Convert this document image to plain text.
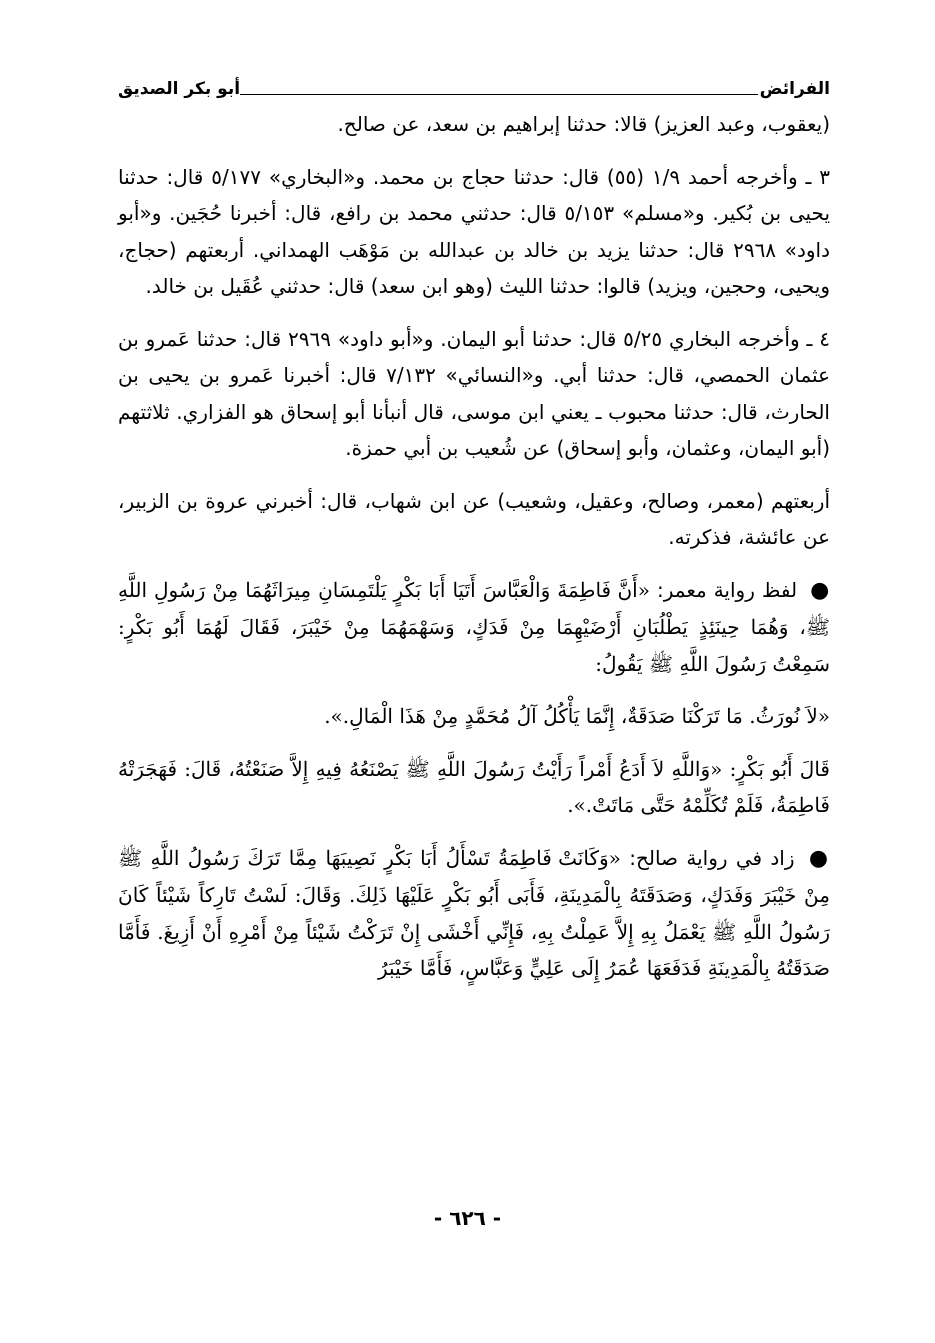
الفرائض
أبو بكر الصديق

(يعقوب، وعبد العزيز) قالا: حدثنا إبراهيم بن سعد، عن صالح.

٣ ـ وأخرجه أحمد ١/٩ (٥٥) قال: حدثنا حجاج بن محمد. و«البخاري» ٥/١٧٧ قال: حدثنا يحيى بن بُكير. و«مسلم» ٥/١٥٣ قال: حدثني محمد بن رافع، قال: أخبرنا حُجَين. و«أبو داود» ٢٩٦٨ قال: حدثنا يزيد بن خالد بن عبدالله بن مَوْهَب الهمداني. أربعتهم (حجاج، ويحيى، وحجين، ويزيد) قالوا: حدثنا الليث (وهو ابن سعد) قال: حدثني عُقَيل بن خالد.

٤ ـ وأخرجه البخاري ٥/٢٥ قال: حدثنا أبو اليمان. و«أبو داود» ٢٩٦٩ قال: حدثنا عَمرو بن عثمان الحمصي، قال: حدثنا أبي. و«النسائي» ٧/١٣٢ قال: أخبرنا عَمرو بن يحيى بن الحارث، قال: حدثنا محبوب ـ يعني ابن موسى، قال أنبأنا أبو إسحاق هو الفزاري. ثلاثتهم (أبو اليمان، وعثمان، وأبو إسحاق) عن شُعيب بن أبي حمزة.

أربعتهم (معمر، وصالح، وعقيل، وشعيب) عن ابن شهاب، قال: أخبرني عروة بن الزبير، عن عائشة، فذكرته.

● لفظ رواية معمر: «أَنَّ فَاطِمَةَ وَالْعَبَّاسَ أَتَيَا أَبَا بَكْرٍ يَلْتَمِسَانِ مِيرَاثَهُمَا مِنْ رَسُولِ اللَّهِ ﷺ، وَهُمَا حِينَئِذٍ يَطْلُبَانِ أَرْضَيْهِمَا مِنْ فَدَكٍ، وَسَهْمَهُمَا مِنْ خَيْبَرَ، فَقَالَ لَهُمَا أَبُو بَكْرٍ: سَمِعْتُ رَسُولَ اللَّهِ ﷺ يَقُولُ:

«لاَ نُورَثُ. مَا تَرَكْنَا صَدَقَةٌ، إِنَّمَا يَأْكُلُ آلُ مُحَمَّدٍ مِنْ هَذَا الْمَالِ.».

قَالَ أَبُو بَكْرٍ: «وَاللَّهِ لاَ أَدَعُ أَمْراً رَأَيْتُ رَسُولَ اللَّهِ ﷺ يَصْنَعُهُ فِيهِ إِلاَّ صَنَعْتُهُ، قَالَ: فَهَجَرَتْهُ فَاطِمَةُ، فَلَمْ تُكَلِّمْهُ حَتَّى مَاتَتْ.».

● زاد في رواية صالح: «وَكَانَتْ فَاطِمَةُ تَسْأَلُ أَبَا بَكْرٍ نَصِيبَهَا مِمَّا تَرَكَ رَسُولُ اللَّهِ ﷺ مِنْ خَيْبَرَ وَفَدَكٍ، وَصَدَقَتَهُ بِالْمَدِينَةِ، فَأَبَى أَبُو بَكْرٍ عَلَيْهَا ذَلِكَ. وَقَالَ: لَسْتُ تَارِكاً شَيْئاً كَانَ رَسُولُ اللَّهِ ﷺ يَعْمَلُ بِهِ إِلاَّ عَمِلْتُ بِهِ، فَإِنِّي أَخْشَى إِنْ تَرَكْتُ شَيْئاً مِنْ أَمْرِهِ أَنْ أَزِيغَ. فَأَمَّا صَدَقَتُهُ بِالْمَدِينَةِ فَدَفَعَهَا عُمَرُ إِلَى عَلِيٍّ وَعَبَّاسٍ، فَأَمَّا خَيْبَرُ

- ٦٢٦ -
